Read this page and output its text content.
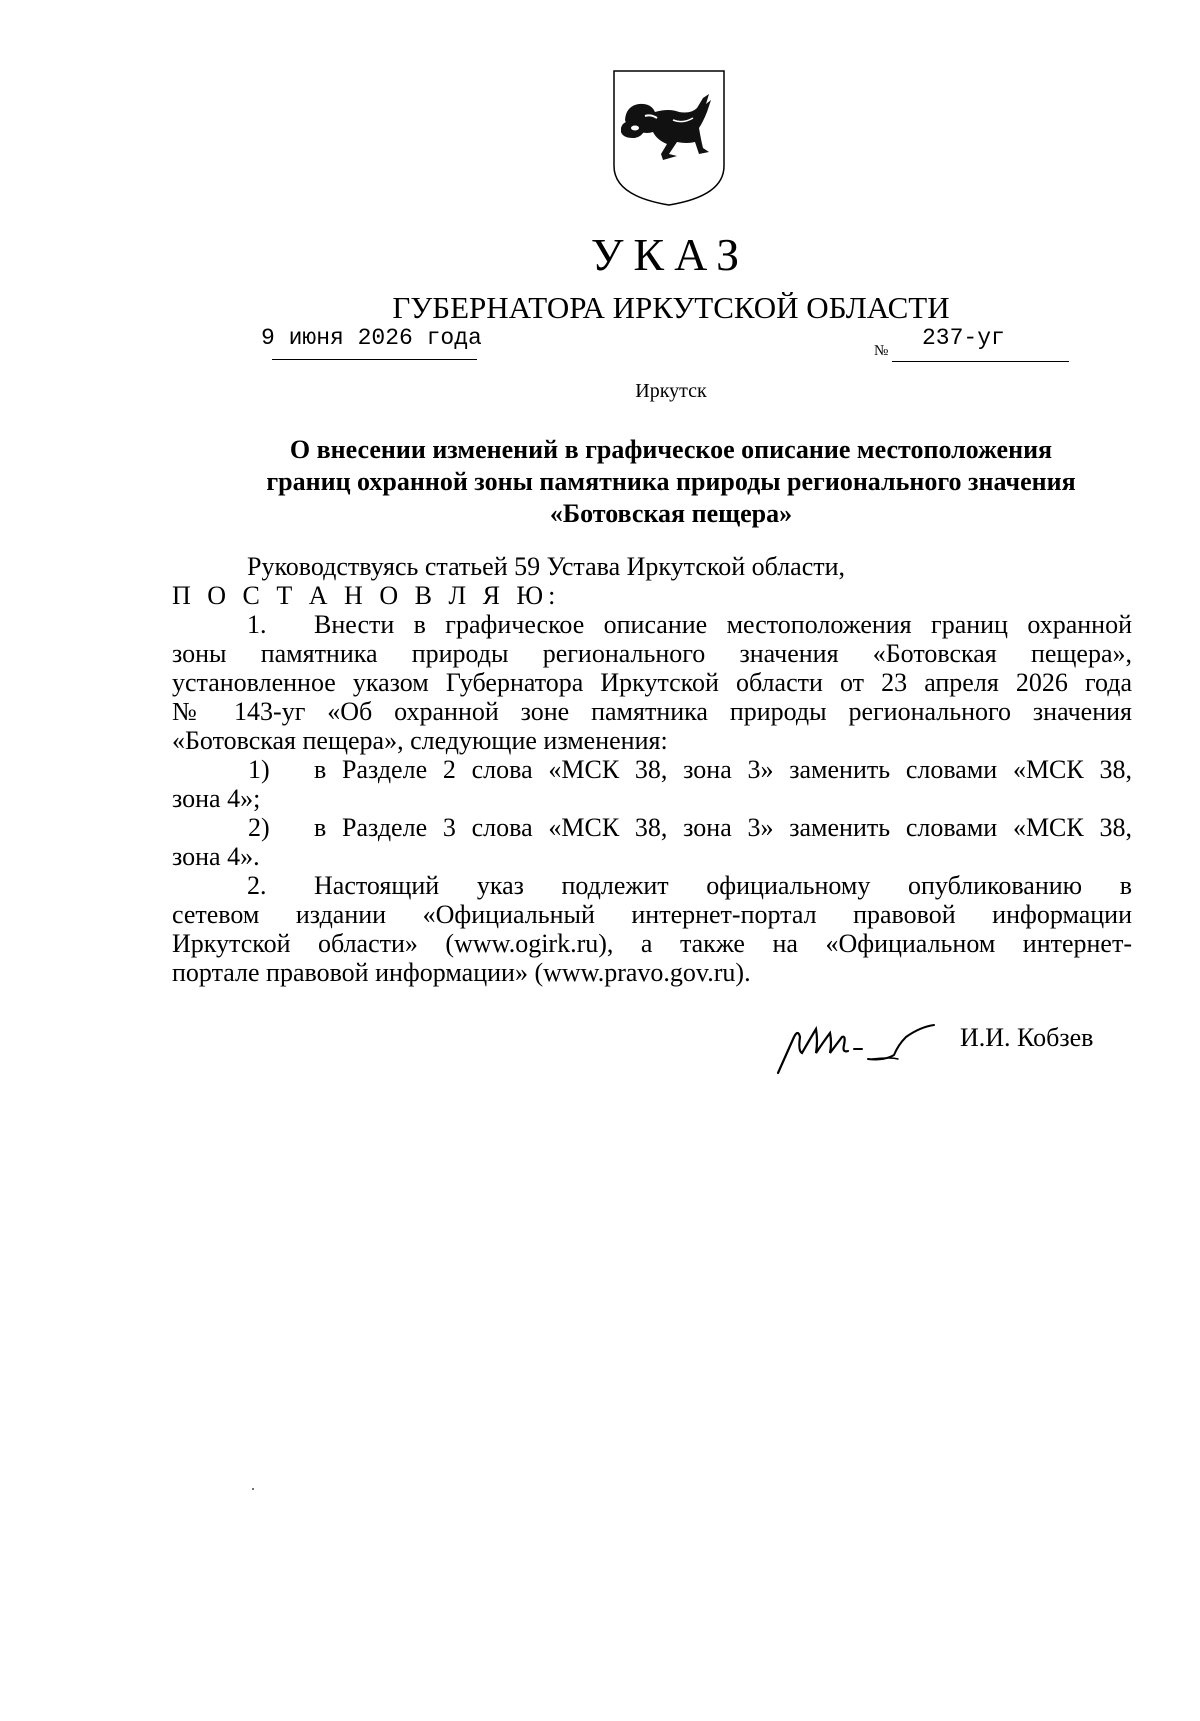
УКАЗ
ГУБЕРНАТОРА ИРКУТСКОЙ ОБЛАСТИ
9 июня 2026 года	№ 237-уг
Иркутск
О внесении изменений в графическое описание местоположения
границ охранной зоны памятника природы регионального значения
«Ботовская пещера»
Руководствуясь статьей 59 Устава Иркутской области,
П О С Т А Н О В Л Я Ю:
1.	Внести в графическое описание местоположения границ охранной
зоны памятника природы регионального значения «Ботовская пещера»,
установленное указом Губернатора Иркутской области от 23 апреля 2026 года
№ 143-уг «Об охранной зоне памятника природы регионального значения
«Ботовская пещера», следующие изменения:
1)	в Разделе 2 слова «МСК 38, зона 3» заменить словами «МСК 38,
зона 4»;
2)	в Разделе 3 слова «МСК 38, зона 3» заменить словами «МСК 38,
зона 4».
2.	Настоящий указ подлежит официальному опубликованию в
сетевом издании «Официальный интернет-портал правовой информации
Иркутской области» (www.ogirk.ru), а также на «Официальном интернет-
портале правовой информации» (www.pravo.gov.ru).
И.И. Кобзев
